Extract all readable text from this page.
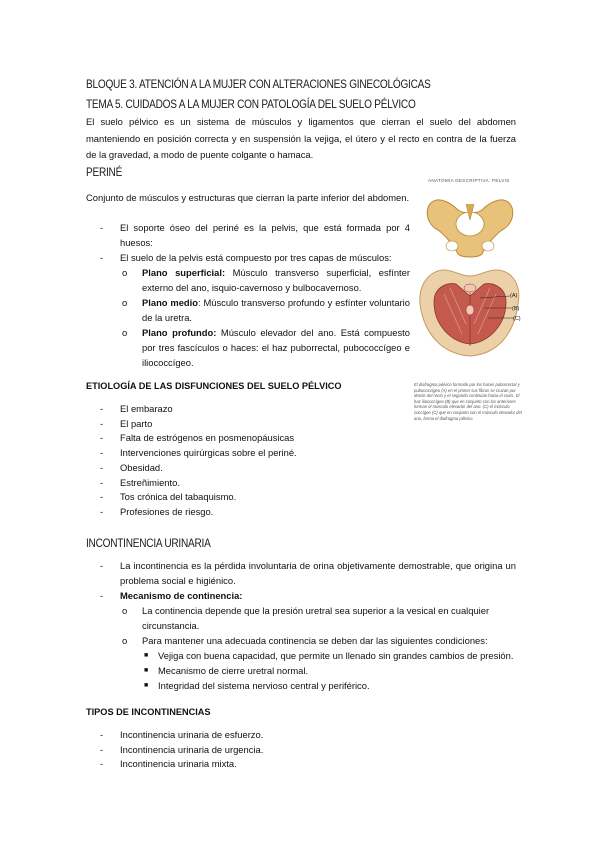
BLOQUE 3. ATENCIÓN A LA MUJER CON ALTERACIONES GINECOLÓGICAS
TEMA 5. CUIDADOS A LA MUJER CON PATOLOGÍA DEL SUELO PÉLVICO

El suelo pélvico es un sistema de músculos y ligamentos que cierran el suelo del abdomen manteniendo en posición correcta y en suspensión la vejiga, el útero y el recto en contra de la fuerza de la gravedad, a modo de puente colgante o hamaca.

PERINÉ

Conjunto de músculos y estructuras que cierran la parte inferior del abdomen.

- El soporte óseo del periné es la pelvis, que está formada por 4 huesos:
- El suelo de la pelvis está compuesto por tres capas de músculos:
o Plano superficial: Músculo transverso superficial, esfínter externo del ano, isquio-cavernoso y bulbocavernoso.
o Plano medio: Músculo transverso profundo y esfínter voluntario de la uretra.
o Plano profundo: Músculo elevador del ano. Está compuesto por tres fascículos o haces: el haz puborrectal, pubococcígeo e iliococcígeo.
ANATOMÍA DESCRIPTIVA: PELVIS
(A)
(B)
(C)
El diafragma pélvico formado por los haces puborrectal y pubococcígeo (A) en el primer sus fibras se cruzan por detrás del recto y el segundo continúan hacia el coxis. El haz iliococcígeo (B) que en conjunto con los anteriores forman el músculo elevador del ano. (C) el músculo coccígeo (C) que en conjunto con el músculo elevador del ano, forma el diafragma pélvico.
ETIOLOGÍA DE LAS DISFUNCIONES DEL SUELO PÉLVICO
- El embarazo
- El parto
- Falta de estrógenos en posmenopáusicas
- Intervenciones quirúrgicas sobre el periné.
- Obesidad.
- Estreñimiento.
- Tos crónica del tabaquismo.
- Profesiones de riesgo.
INCONTINENCIA URINARIA
- La incontinencia es la pérdida involuntaria de orina objetivamente demostrable, que origina un problema social e higiénico.
- Mecanismo de continencia:
o La continencia depende que la presión uretral sea superior a la vesical en cualquier circunstancia.
o Para mantener una adecuada continencia se deben dar las siguientes condiciones:
■ Vejiga con buena capacidad, que permite un llenado sin grandes cambios de presión.
■ Mecanismo de cierre uretral normal.
■ Integridad del sistema nervioso central y periférico.
TIPOS DE INCONTINENCIAS
- Incontinencia urinaria de esfuerzo.
- Incontinencia urinaria de urgencia.
- Incontinencia urinaria mixta.
